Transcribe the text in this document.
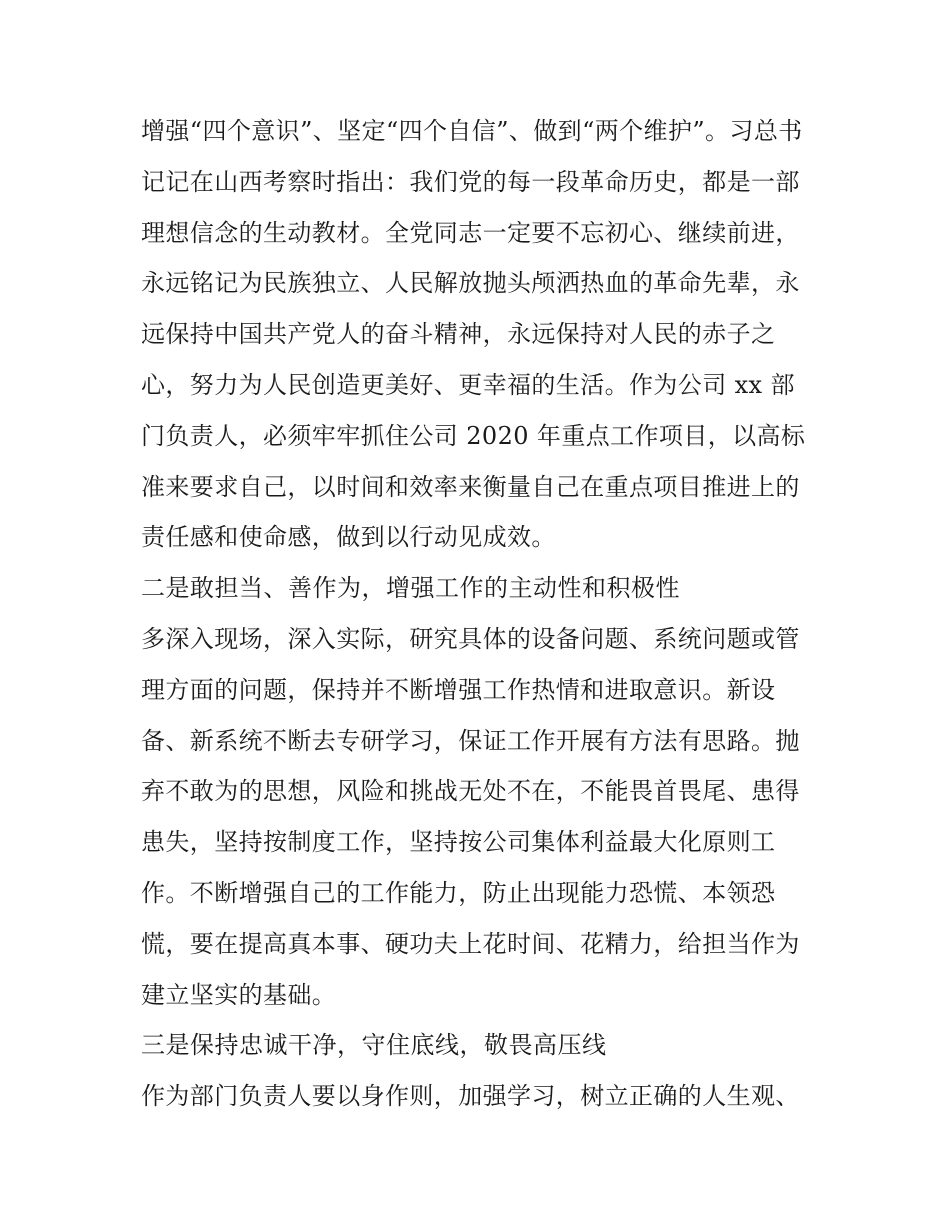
增强“四个意识”、坚定“四个自信”、做到“两个维护”。习总书
记记在山西考察时指出：我们党的每一段革命历史，都是一部
理想信念的生动教材。全党同志一定要不忘初心、继续前进，
永远铭记为民族独立、人民解放抛头颅洒热血的革命先辈，永
远保持中国共产党人的奋斗精神，永远保持对人民的赤子之
心，努力为人民创造更美好、更幸福的生活。作为公司 xx 部
门负责人，必须牢牢抓住公司 2020 年重点工作项目，以高标
准来要求自己，以时间和效率来衡量自己在重点项目推进上的
责任感和使命感，做到以行动见成效。
二是敢担当、善作为，增强工作的主动性和积极性
多深入现场，深入实际，研究具体的设备问题、系统问题或管
理方面的问题，保持并不断增强工作热情和进取意识。新设
备、新系统不断去专研学习，保证工作开展有方法有思路。抛
弃不敢为的思想，风险和挑战无处不在，不能畏首畏尾、患得
患失，坚持按制度工作，坚持按公司集体利益最大化原则工
作。不断增强自己的工作能力，防止出现能力恐慌、本领恐
慌，要在提高真本事、硬功夫上花时间、花精力，给担当作为
建立坚实的基础。
三是保持忠诚干净，守住底线，敬畏高压线
作为部门负责人要以身作则，加强学习，树立正确的人生观、
